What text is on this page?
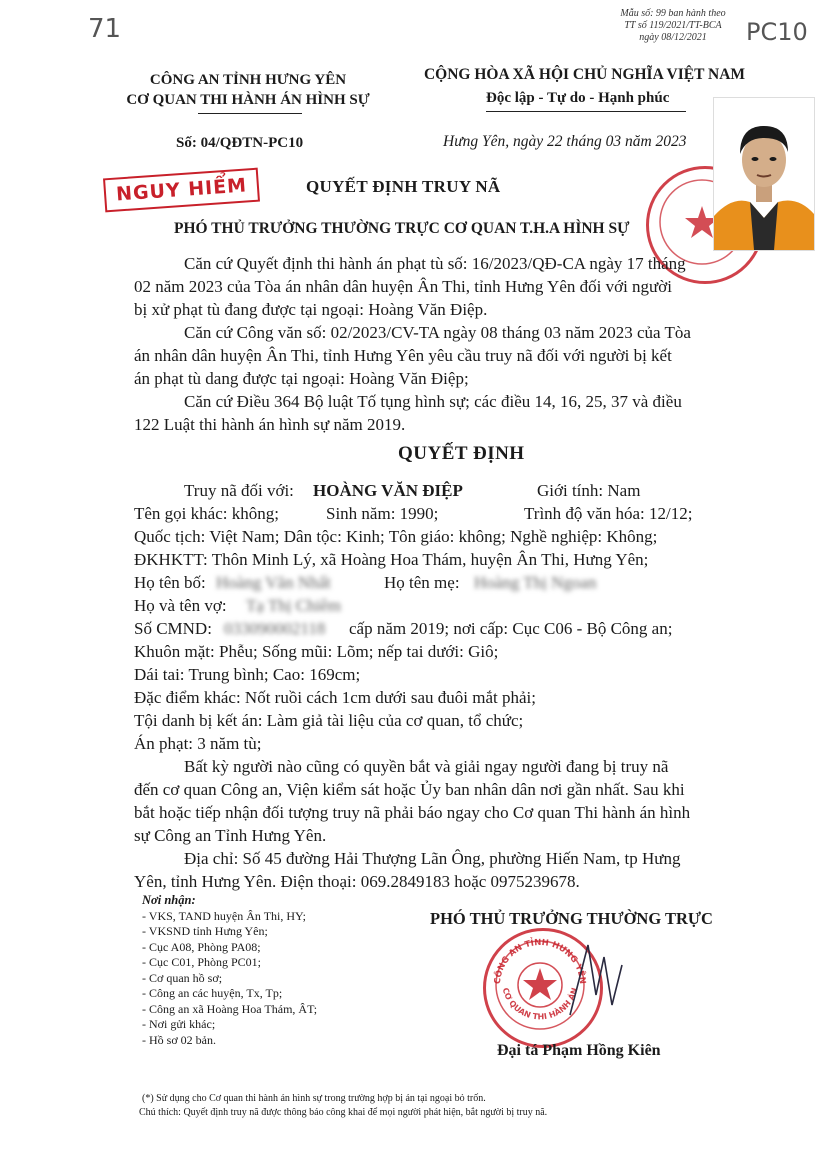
71	PC10
Mẫu số: 99 ban hành theo
TT số 119/2021/TT-BCA
ngày 08/12/2021
CÔNG AN TỈNH HƯNG YÊN
CƠ QUAN THI HÀNH ÁN HÌNH SỰ
Số: 04/QĐTN-PC10
CỘNG HÒA XÃ HỘI CHỦ NGHĨA VIỆT NAM
Độc lập - Tự do - Hạnh phúc
Hưng Yên, ngày 22 tháng 03 năm 2023
NGUY HIỂM	QUYẾT ĐỊNH TRUY NÃ
PHÓ THỦ TRƯỞNG THƯỜNG TRỰC CƠ QUAN T.H.A HÌNH SỰ
Căn cứ Quyết định thi hành án phạt tù số: 16/2023/QĐ-CA ngày 17 tháng
02 năm 2023 của Tòa án nhân dân huyện Ân Thi, tỉnh Hưng Yên đối với người
bị xử phạt tù đang được tại ngoại: Hoàng Văn Điệp.
Căn cứ Công văn số: 02/2023/CV-TA ngày 08 tháng 03 năm 2023 của Tòa
án nhân dân huyện Ân Thi, tỉnh Hưng Yên yêu cầu truy nã đối với người bị kết
án phạt tù dang được tại ngoại: Hoàng Văn Điệp;
Căn cứ Điều 364 Bộ luật Tố tụng hình sự; các điều 14, 16, 25, 37 và điều
122 Luật thi hành án hình sự năm 2019.
QUYẾT ĐỊNH
Truy nã đối với: HOÀNG VĂN ĐIỆP	Giới tính: Nam
Tên gọi khác: không;	Sinh năm: 1990;	Trình độ văn hóa: 12/12;
Quốc tịch: Việt Nam; Dân tộc: Kinh; Tôn giáo: không; Nghề nghiệp: Không;
ĐKHKTT: Thôn Minh Lý, xã Hoàng Hoa Thám, huyện Ân Thi, Hưng Yên;
Họ tên bố: Hoàng Văn Nhất	Họ tên mẹ: Hoàng Thị Ngoan
Họ và tên vợ: Tạ Thị Chiêm
Số CMND: 033090002118 cấp năm 2019; nơi cấp: Cục C06 - Bộ Công an;
Khuôn mặt: Phễu; Sống mũi: Lõm; nếp tai dưới: Giô;
Dái tai: Trung bình; Cao: 169cm;
Đặc điểm khác: Nốt ruồi cách 1cm dưới sau đuôi mắt phải;
Tội danh bị kết án: Làm giả tài liệu của cơ quan, tổ chức;
Án phạt: 3 năm tù;
Bất kỳ người nào cũng có quyền bắt và giải ngay người đang bị truy nã
đến cơ quan Công an, Viện kiểm sát hoặc Ủy ban nhân dân nơi gần nhất. Sau khi
bắt hoặc tiếp nhận đối tượng truy nã phải báo ngay cho Cơ quan Thi hành án hình
sự Công an Tỉnh Hưng Yên.
Địa chỉ: Số 45 đường Hải Thượng Lãn Ông, phường Hiến Nam, tp Hưng
Yên, tỉnh Hưng Yên. Điện thoại: 069.2849183 hoặc 0975239678.
Nơi nhận:
- VKS, TAND huyện Ân Thi, HY;
- VKSND tỉnh Hưng Yên;
- Cục A08, Phòng PA08;
- Cục C01, Phòng PC01;
- Cơ quan hồ sơ;
- Công an các huyện, Tx, Tp;
- Công an xã Hoàng Hoa Thám, ÂT;
- Nơi gửi khác;
- Hồ sơ 02 bản.
PHÓ THỦ TRƯỞNG THƯỜNG TRỰC
CÔNG AN TỈNH HƯNG YÊN
CƠ QUAN THI HÀNH ÁN
Đại tá Phạm Hồng Kiên
(*) Sử dụng cho Cơ quan thi hành án hình sự trong trường hợp bị án tại ngoại bỏ trốn.
Chú thích: Quyết định truy nã được thông báo công khai để mọi người phát hiện, bắt người bị truy nã.
